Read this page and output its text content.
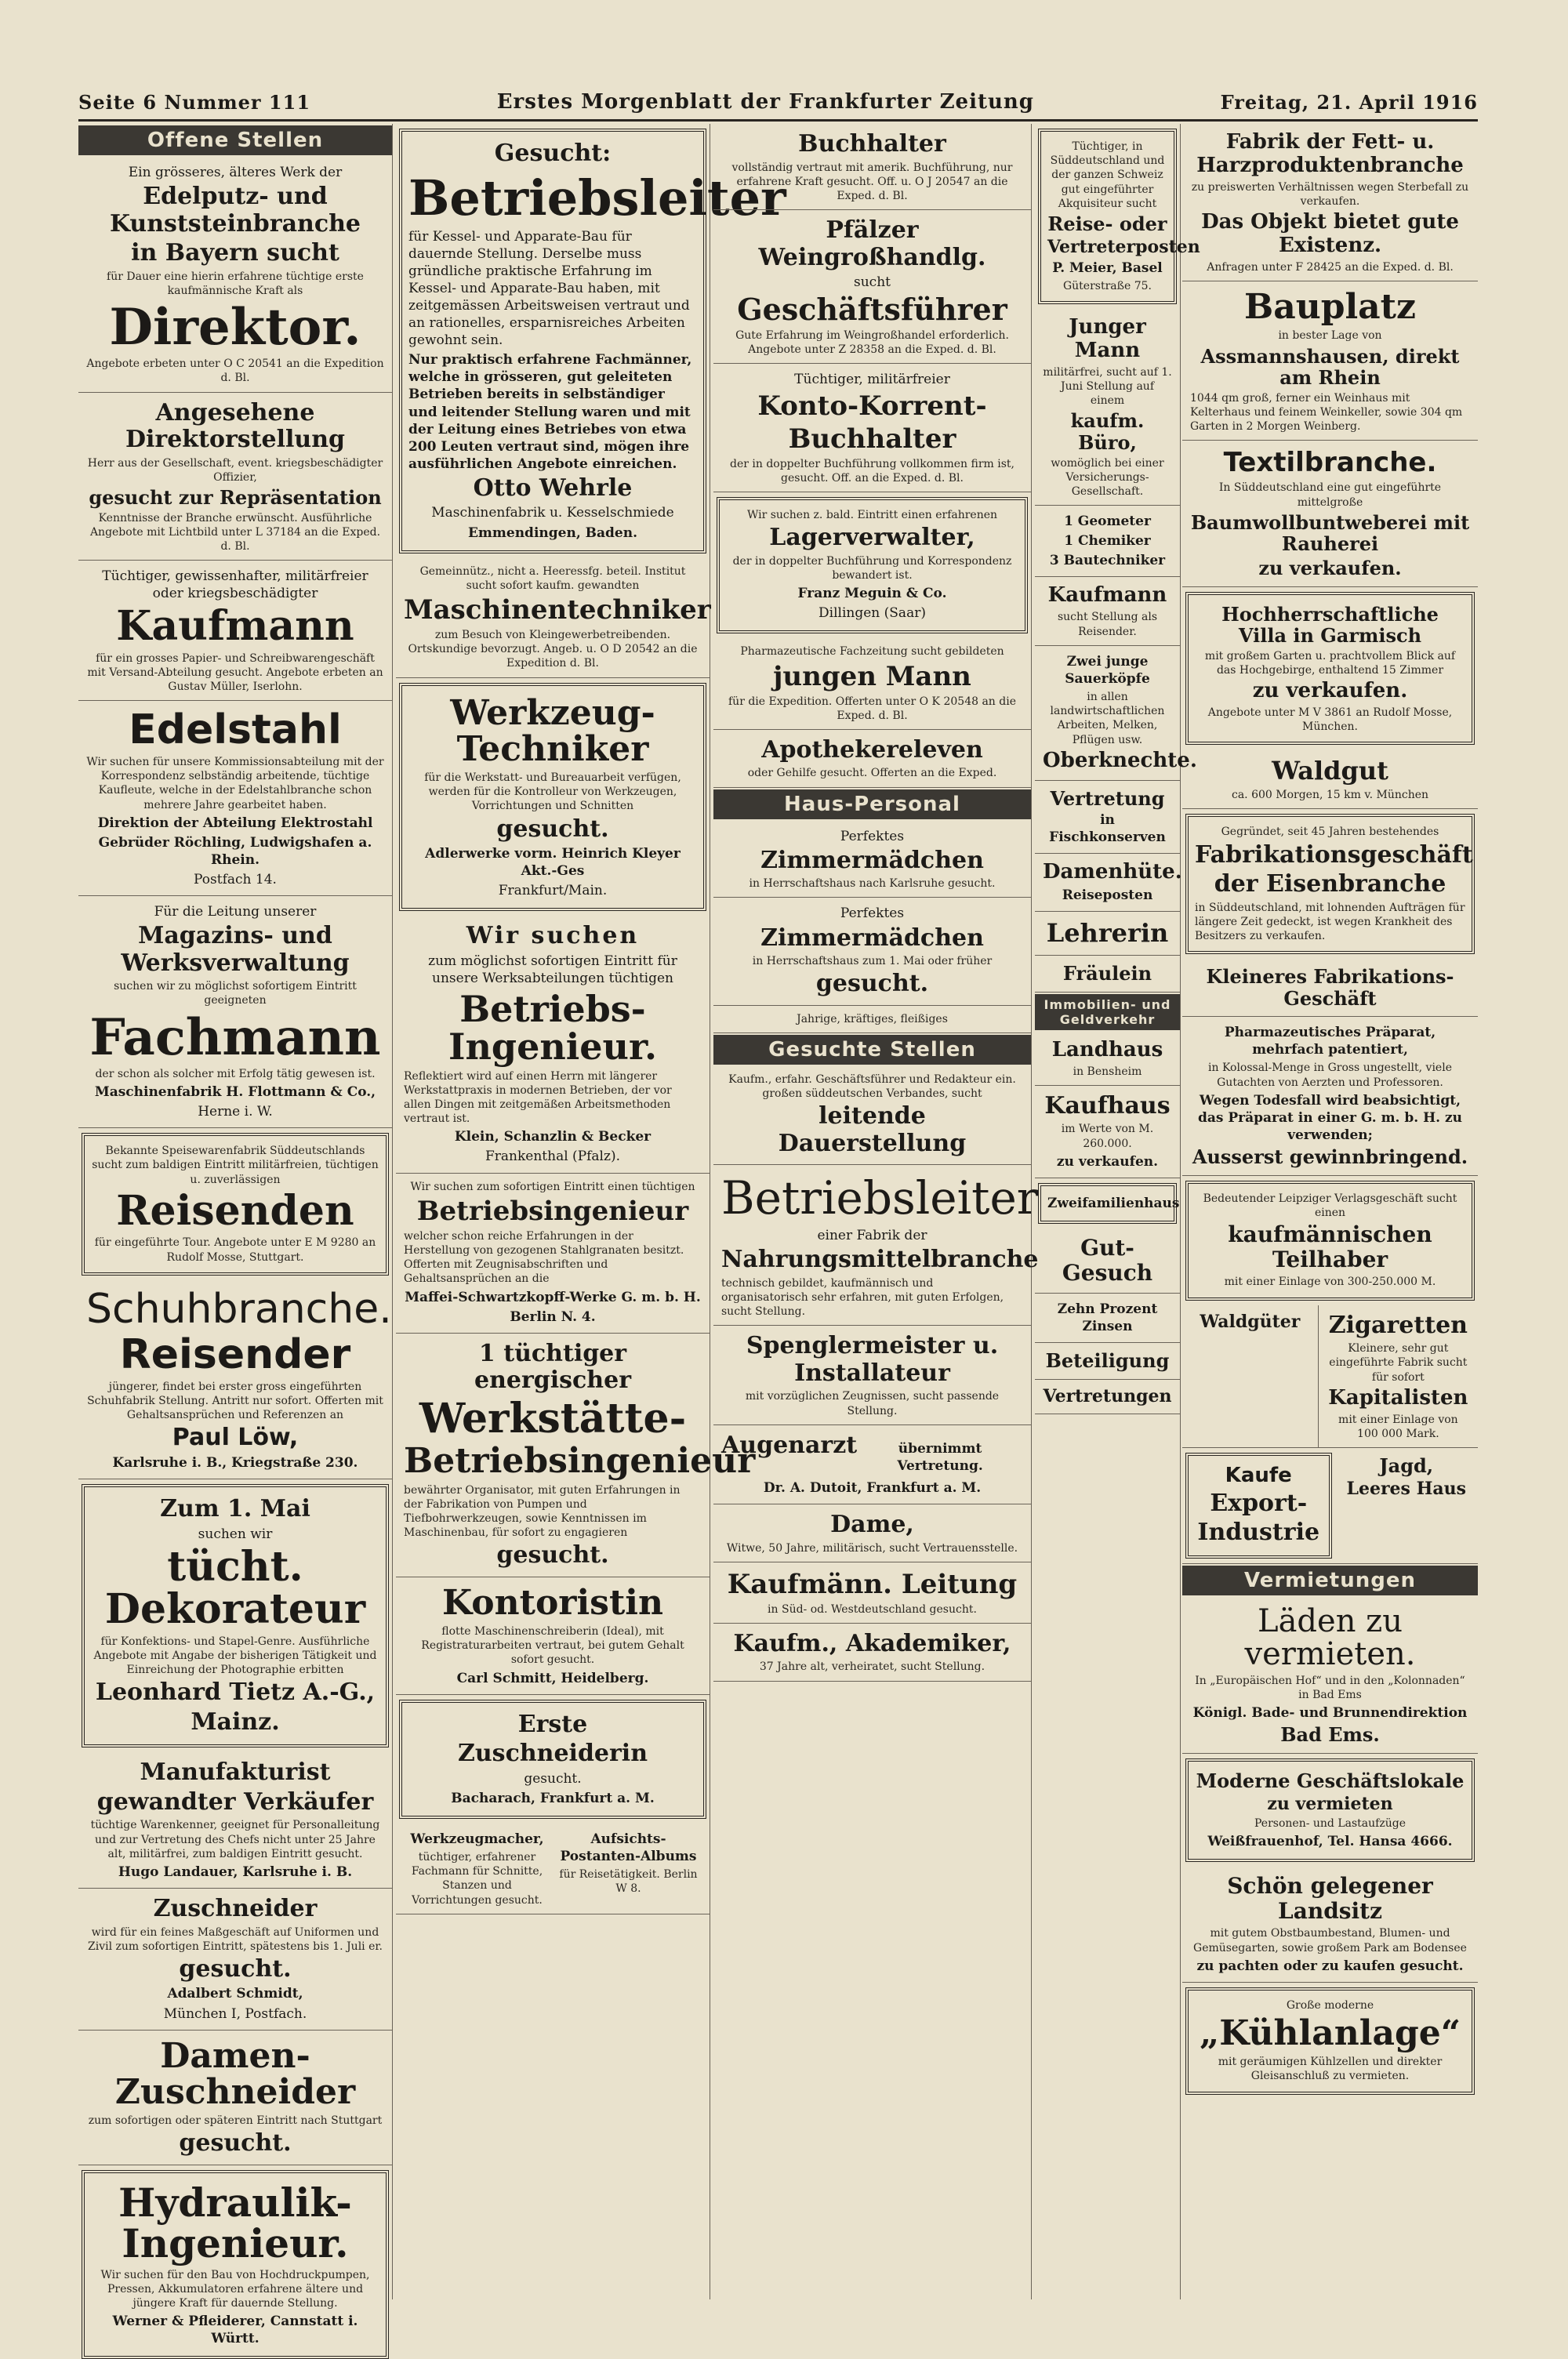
Seite 6 Nummer 111	Erstes Morgenblatt der Frankfurter Zeitung	Freitag, 21. April 1916
Offene Stellen
Ein grösseres, älteres Werk der
Edelputz- und Kunststeinbranche
in Bayern sucht
für Dauer eine hierin erfahrene tüchtige erste kaufmännische Kraft als
Direktor.
Angebote erbeten unter O C 20541 an die Expedition d. Bl.
Angesehene Direktorstellung
Herr aus der Gesellschaft, event. kriegsbeschädigter Offizier,
gesucht zur Repräsentation
Kenntnisse der Branche erwünscht. Ausführliche Angebote mit Lichtbild unter L 37184 an die Exped. d. Bl.
Tüchtiger, gewissenhafter, militärfreier oder kriegsbeschädigter
Kaufmann
für ein grosses Papier- und Schreibwarengeschäft mit Versand-Abteilung gesucht. Angebote erbeten an Gustav Müller, Iserlohn.
Edelstahl
Wir suchen für unsere Kommissionsabteilung mit der Korrespondenz selbständig arbeitende, tüchtige Kaufleute, welche in der Edelstahlbranche schon mehrere Jahre gearbeitet haben.
Direktion der Abteilung Elektrostahl
Gebrüder Röchling, Ludwigshafen a. Rhein.
Postfach 14.
Für die Leitung unserer
Magazins- und Werksverwaltung
suchen wir zu möglichst sofortigem Eintritt geeigneten
Fachmann
der schon als solcher mit Erfolg tätig gewesen ist.
Maschinenfabrik H. Flottmann & Co.,
Herne i. W.
Bekannte Speisewarenfabrik Süddeutschlands sucht zum baldigen Eintritt militärfreien, tüchtigen u. zuverlässigen
Reisenden
für eingeführte Tour. Angebote unter E M 9280 an Rudolf Mosse, Stuttgart.
Schuhbranche.
Reisender
jüngerer, findet bei erster gross eingeführten Schuhfabrik Stellung. Antritt nur sofort. Offerten mit Gehaltsansprüchen und Referenzen an
Paul Löw,
Karlsruhe i. B., Kriegstraße 230.
Zum 1. Mai
suchen wir
tücht. Dekorateur
für Konfektions- und Stapel-Genre. Ausführliche Angebote mit Angabe der bisherigen Tätigkeit und Einreichung der Photographie erbitten
Leonhard Tietz A.-G.,
Mainz.
Manufakturist
gewandter Verkäufer
tüchtige Warenkenner, geeignet für Personalleitung und zur Vertretung des Chefs nicht unter 25 Jahre alt, militärfrei, zum baldigen Eintritt gesucht.
Hugo Landauer, Karlsruhe i. B.
Zuschneider
wird für ein feines Maßgeschäft auf Uniformen und Zivil zum sofortigen Eintritt, spätestens bis 1. Juli er.
gesucht.
Adalbert Schmidt,
München I, Postfach.
Damen-Zuschneider
zum sofortigen oder späteren Eintritt nach Stuttgart
gesucht.
Hydraulik-Ingenieur.
Wir suchen für den Bau von Hochdruckpumpen, Pressen, Akkumulatoren erfahrene ältere und jüngere Kraft für dauernde Stellung.
Werner & Pfleiderer, Cannstatt i. Württ.
Gesucht:
Betriebsleiter
für Kessel- und Apparate-Bau für dauernde Stellung. Derselbe muss gründliche praktische Erfahrung im Kessel- und Apparate-Bau haben, mit zeitgemässen Arbeitsweisen vertraut und an rationelles, ersparnisreiches Arbeiten gewohnt sein.
Nur praktisch erfahrene Fachmänner, welche in grösseren, gut geleiteten Betrieben bereits in selbständiger und leitender Stellung waren und mit der Leitung eines Betriebes von etwa 200 Leuten vertraut sind, mögen ihre ausführlichen Angebote einreichen.
Otto Wehrle
Maschinenfabrik u. Kesselschmiede
Emmendingen, Baden.
Gemeinnütz., nicht a. Heeressfg. beteil. Institut sucht sofort kaufm. gewandten
Maschinentechniker
zum Besuch von Kleingewerbetreibenden. Ortskundige bevorzugt. Angeb. u. O D 20542 an die Expedition d. Bl.
Werkzeug-Techniker
für die Werkstatt- und Bureauarbeit verfügen, werden für die Kontrolleur von Werkzeugen, Vorrichtungen und Schnitten
gesucht.
Adlerwerke vorm. Heinrich Kleyer Akt.-Ges
Frankfurt/Main.
Wir suchen
zum möglichst sofortigen Eintritt für unsere Werksabteilungen tüchtigen
Betriebs-Ingenieur.
Reflektiert wird auf einen Herrn mit längerer Werkstattpraxis in modernen Betrieben, der vor allen Dingen mit zeitgemäßen Arbeitsmethoden vertraut ist.
Klein, Schanzlin & Becker
Frankenthal (Pfalz).
Wir suchen zum sofortigen Eintritt einen tüchtigen
Betriebsingenieur
welcher schon reiche Erfahrungen in der Herstellung von gezogenen Stahlgranaten besitzt. Offerten mit Zeugnisabschriften und Gehaltsansprüchen an die
Maffei-Schwartzkopff-Werke G. m. b. H.
Berlin N. 4.
1 tüchtiger energischer
Werkstätte-
Betriebsingenieur
bewährter Organisator, mit guten Erfahrungen in der Fabrikation von Pumpen und Tiefbohrwerkzeugen, sowie Kenntnissen im Maschinenbau, für sofort zu engagieren
gesucht.
Kontoristin
flotte Maschinenschreiberin (Ideal), mit Registraturarbeiten vertraut, bei gutem Gehalt sofort gesucht.
Carl Schmitt, Heidelberg.
Erste
Zuschneiderin
gesucht.
Bacharach, Frankfurt a. M.
Werkzeugmacher,
tüchtiger, erfahrener Fachmann für Schnitte, Stanzen und Vorrichtungen gesucht.
Aufsichts-Postanten-Albums
für Reisetätigkeit. Berlin W 8.
Buchhalter
vollständig vertraut mit amerik. Buchführung, nur erfahrene Kraft gesucht. Off. u. O J 20547 an die Exped. d. Bl.
Pfälzer Weingroßhandlg.
sucht
Geschäftsführer
Gute Erfahrung im Weingroßhandel erforderlich. Angebote unter Z 28358 an die Exped. d. Bl.
Tüchtiger, militärfreier
Konto-Korrent-
Buchhalter
der in doppelter Buchführung vollkommen firm ist, gesucht. Off. an die Exped. d. Bl.
Wir suchen z. bald. Eintritt einen erfahrenen
Lagerverwalter,
der in doppelter Buchführung und Korrespondenz bewandert ist.
Franz Meguin & Co.
Dillingen (Saar)
Pharmazeutische Fachzeitung sucht gebildeten
jungen Mann
für die Expedition. Offerten unter O K 20548 an die Exped. d. Bl.
Apothekereleven
oder Gehilfe gesucht. Offerten an die Exped.
Haus-Personal
Perfektes
Zimmermädchen
in Herrschaftshaus nach Karlsruhe gesucht.
Perfektes
Zimmermädchen
in Herrschaftshaus zum 1. Mai oder früher
gesucht.
Jahrige, kräftiges, fleißiges
Gesuchte Stellen
Kaufm., erfahr. Geschäftsführer und Redakteur ein. großen süddeutschen Verbandes, sucht
leitende Dauerstellung
Betriebsleiter
einer Fabrik der
Nahrungsmittelbranche
technisch gebildet, kaufmännisch und organisatorisch sehr erfahren, mit guten Erfolgen, sucht Stellung.
Spenglermeister u. Installateur
mit vorzüglichen Zeugnissen, sucht passende Stellung.
Augenarzt	übernimmt Vertretung.
Dr. A. Dutoit, Frankfurt a. M.
Dame,
Witwe, 50 Jahre, militärisch, sucht Vertrauensstelle.
Kaufmänn. Leitung
in Süd- od. Westdeutschland gesucht.
Kaufm., Akademiker,
37 Jahre alt, verheiratet, sucht Stellung.
Tüchtiger, in Süddeutschland und der ganzen Schweiz gut eingeführter Akquisiteur sucht
Reise- oder
Vertreterposten
P. Meier, Basel
Güterstraße 75.
Junger Mann
militärfrei, sucht auf 1. Juni Stellung auf einem
kaufm. Büro,
womöglich bei einer Versicherungs-Gesellschaft.
1 Geometer
1 Chemiker
3 Bautechniker
Kaufmann
sucht Stellung als Reisender.
Zwei junge Sauerköpfe
in allen landwirtschaftlichen Arbeiten, Melken, Pflügen usw.
Oberknechte.
Vertretung
in Fischkonserven
Damenhüte.
Reiseposten
Lehrerin
Fräulein
Immobilien- und Geldverkehr
Landhaus
in Bensheim
Kaufhaus
im Werte von M. 260.000.
zu verkaufen.
Zweifamilienhaus
Gut-Gesuch
Zehn Prozent Zinsen
Beteiligung
Vertretungen
Fabrik der Fett- u. Harzproduktenbranche
zu preiswerten Verhältnissen wegen Sterbefall zu verkaufen.
Das Objekt bietet gute Existenz.
Anfragen unter F 28425 an die Exped. d. Bl.
Bauplatz
in bester Lage von
Assmannshausen, direkt am Rhein
1044 qm groß, ferner ein Weinhaus mit Kelterhaus und feinem Weinkeller, sowie 304 qm Garten in 2 Morgen Weinberg.
Textilbranche.
In Süddeutschland eine gut eingeführte mittelgroße
Baumwollbuntweberei mit Rauherei
zu verkaufen.
Hochherrschaftliche Villa in Garmisch
mit großem Garten u. prachtvollem Blick auf das Hochgebirge, enthaltend 15 Zimmer
zu verkaufen.
Angebote unter M V 3861 an Rudolf Mosse, München.
Waldgut
ca. 600 Morgen, 15 km v. München
Gegründet, seit 45 Jahren bestehendes
Fabrikationsgeschäft
der Eisenbranche
in Süddeutschland, mit lohnenden Aufträgen für längere Zeit gedeckt, ist wegen Krankheit des Besitzers zu verkaufen.
Kleineres Fabrikations-Geschäft
Pharmazeutisches Präparat, mehrfach patentiert,
in Kolossal-Menge in Gross ungestellt, viele Gutachten von Aerzten und Professoren.
Wegen Todesfall wird beabsichtigt, das Präparat in einer G. m. b. H. zu verwenden;
Ausserst gewinnbringend.
Bedeutender Leipziger Verlagsgeschäft sucht einen
kaufmännischen Teilhaber
mit einer Einlage von 300-250.000 M.
Waldgüter	Zigaretten
Kleinere, sehr gut eingeführte Fabrik sucht für sofort
Kapitalisten
mit einer Einlage von 100 000 Mark.
Kaufe
Export-
Industrie
Jagd,
Leeres Haus
Vermietungen
Läden zu vermieten.
In „Europäischen Hof“ und in den „Kolonnaden“ in Bad Ems
Königl. Bade- und Brunnendirektion
Bad Ems.
Moderne Geschäftslokale
zu vermieten
Personen- und Lastaufzüge
Weißfrauenhof, Tel. Hansa 4666.
Schön gelegener Landsitz
mit gutem Obstbaumbestand, Blumen- und Gemüsegarten, sowie großem Park am Bodensee
zu pachten oder zu kaufen gesucht.
Große moderne
„Kühlanlage“
mit geräumigen Kühlzellen und direkter Gleisanschluß zu vermieten.
